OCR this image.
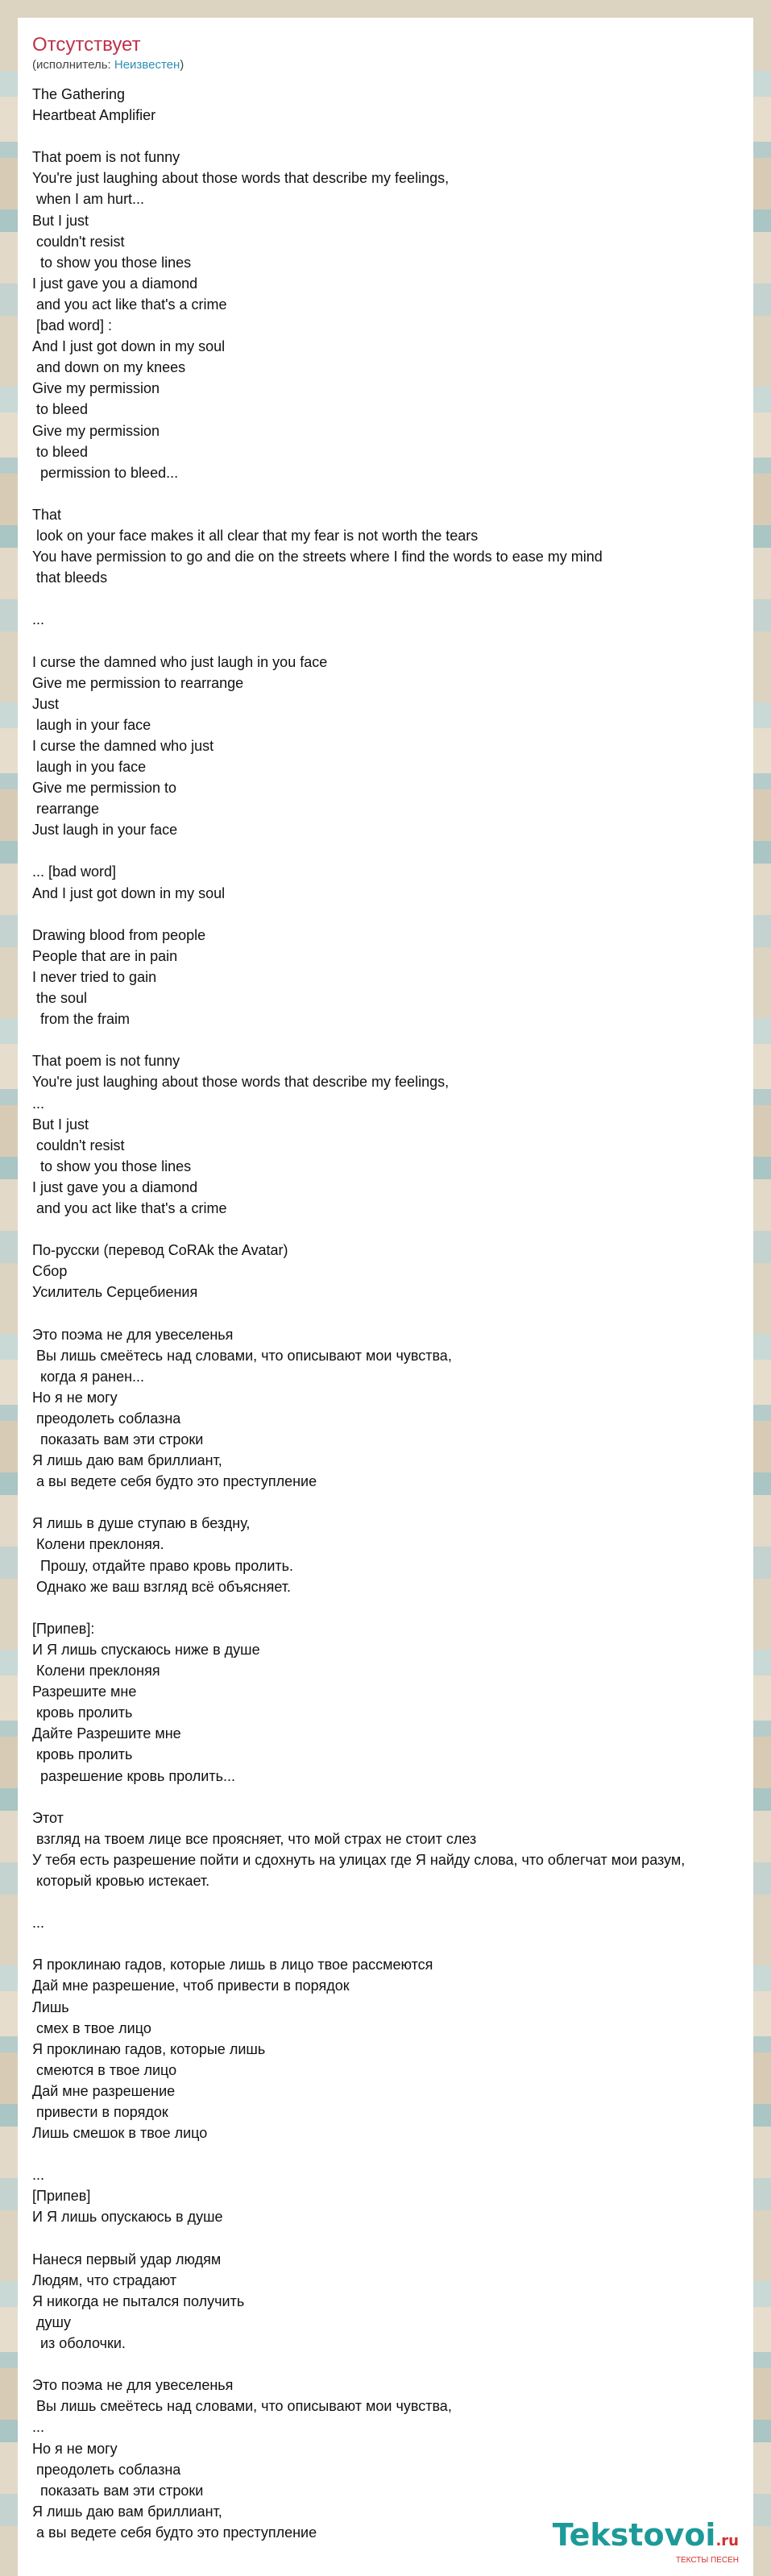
Отсутствует
(исполнитель: Неизвестен)
The Gathering
Heartbeat Amplifier
That poem is not funny
You're just laughing about those words that describe my feelings,
when I am hurt...
But I just
couldn't resist
to show you those lines
I just gave you a diamond
and you act like that's a crime
[bad word] :
And I just got down in my soul
and down on my knees
Give my permission
to bleed
Give my permission
to bleed
permission to bleed...
That
look on your face makes it all clear that my fear is not worth the tears
You have permission to go and die on the streets where I find the words to ease my mind
that bleeds
...
I curse the damned who just laugh in you face
Give me permission to rearrange
Just
laugh in your face
I curse the damned who just
laugh in you face
Give me permission to
rearrange
Just laugh in your face
... [bad word]
And I just got down in my soul
Drawing blood from people
People that are in pain
I never tried to gain
the soul
from the fraim
That poem is not funny
You're just laughing about those words that describe my feelings,
...
But I just
couldn't resist
to show you those lines
I just gave you a diamond
and you act like that's a crime
По-русски (перевод CoRAk the Avatar)
Сбор
Усилитель Серцебиения
Это поэма не для увеселенья
Вы лишь смеётесь над словами, что описывают мои чувства,
когда я ранен...
Но я не могу
преодолеть соблазна
показать вам эти строки
Я лишь даю вам бриллиант,
а вы ведете себя будто это преступление
Я лишь в душе ступаю в бездну,
Колени преклоняя.
Прошу, отдайте право кровь пролить.
Однако же ваш взгляд всё объясняет.
[Припев]:
И Я лишь спускаюсь ниже в душе
Колени преклоняя
Разрешите мне
кровь пролить
Дайте Разрешите мне
кровь пролить
разрешение кровь пролить...
Этот
взгляд на твоем лице все проясняет, что мой страх не стоит слез
У тебя есть разрешение пойти и сдохнуть на улицах где Я найду слова, что облегчат мои разум,
который кровью истекает.
...
Я проклинаю гадов, которые лишь в лицо твое рассмеются
Дай мне разрешение, чтоб привести в порядок
Лишь
смех в твое лицо
Я проклинаю гадов, которые лишь
смеются в твое лицо
Дай мне разрешение
привести в порядок
Лишь смешок в твое лицо
...
[Припев]
И Я лишь опускаюсь в душе
Нанеся первый удар людям
Людям, что страдают
Я никогда не пытался получить
душу
из оболочки.
Это поэма не для увеселенья
Вы лишь смеётесь над словами, что описывают мои чувства,
...
Но я не могу
преодолеть соблазна
показать вам эти строки
Я лишь даю вам бриллиант,
а вы ведете себя будто это преступление	Tekstovoi.ru
ТЕКСТЫ ПЕСЕН
